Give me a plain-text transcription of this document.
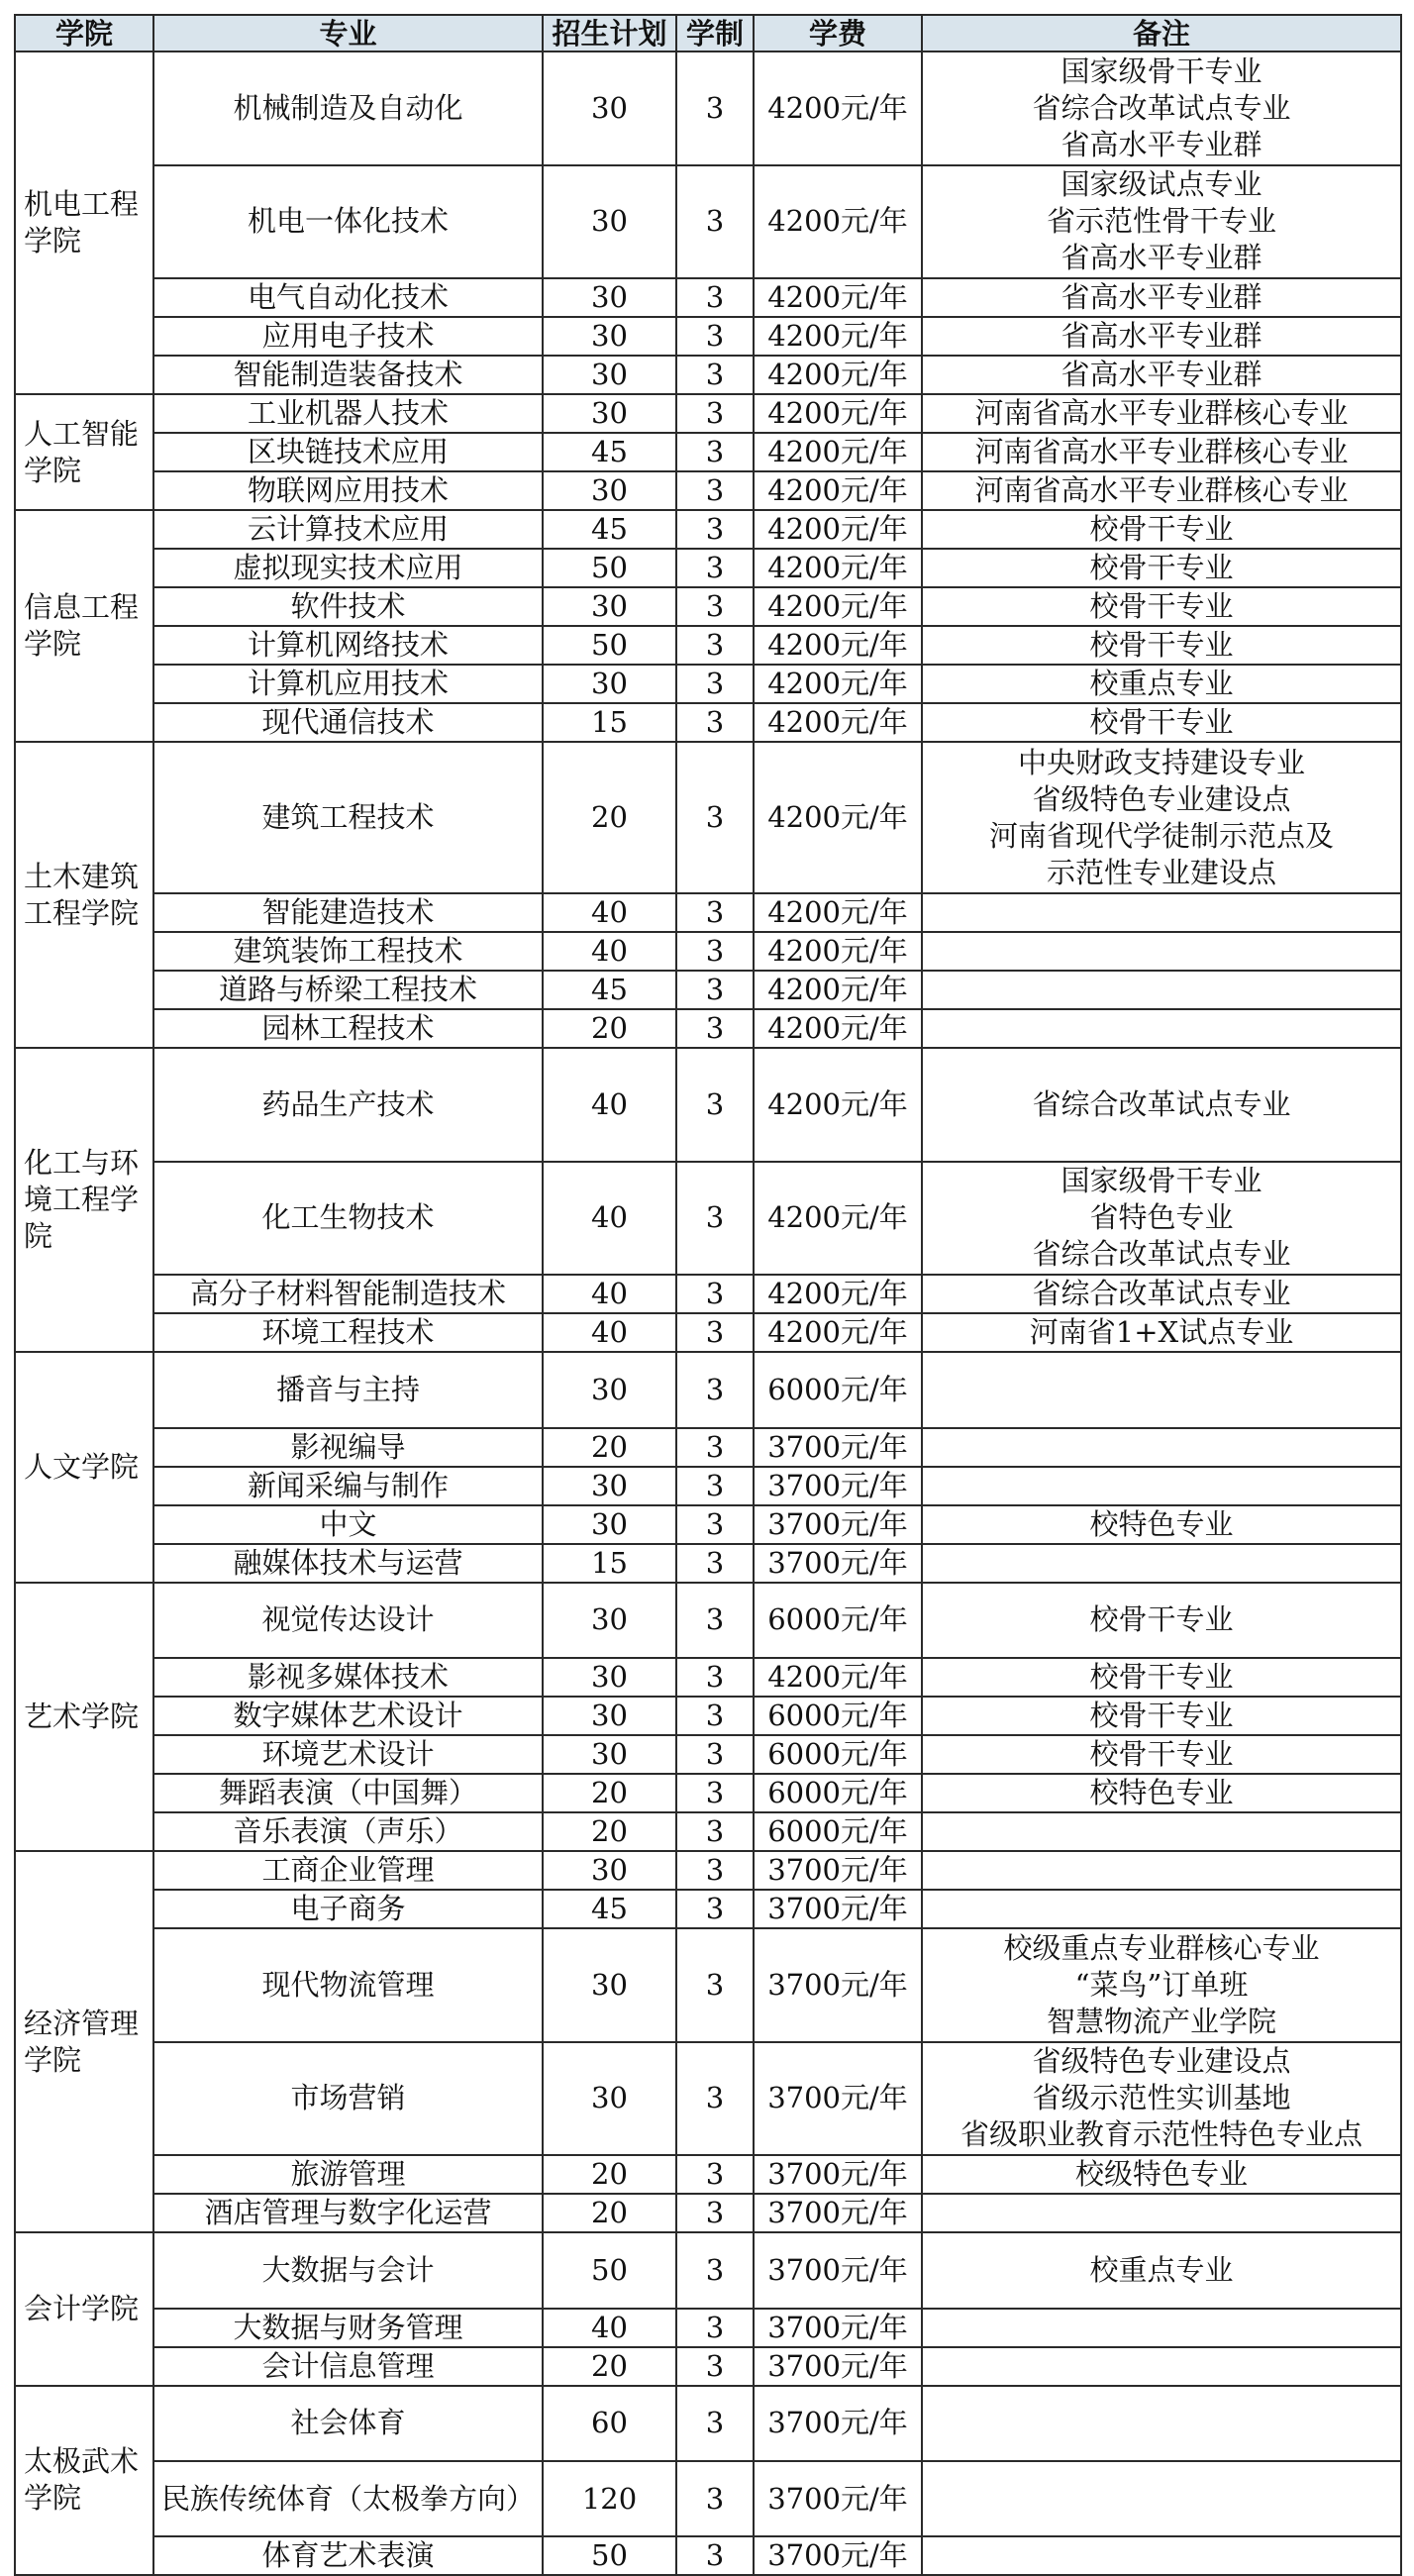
学院	专业	招生计划	学制	学费	备注
机电工程学院	机械制造及自动化	30	3	4200元/年	国家级骨干专业
省综合改革试点专业
省高水平专业群

	机电一体化技术	30	3	4200元/年	国家级试点专业
省示范性骨干专业
省高水平专业群

	电气自动化技术	30	3	4200元/年	省高水平专业群

	应用电子技术	30	3	4200元/年	省高水平专业群

	智能制造装备技术	30	3	4200元/年	省高水平专业群

人工智能学院	工业机器人技术	30	3	4200元/年	河南省高水平专业群核心专业

	区块链技术应用	45	3	4200元/年	河南省高水平专业群核心专业

	物联网应用技术	30	3	4200元/年	河南省高水平专业群核心专业

信息工程学院	云计算技术应用	45	3	4200元/年	校骨干专业

	虚拟现实技术应用	50	3	4200元/年	校骨干专业

	软件技术	30	3	4200元/年	校骨干专业

	计算机网络技术	50	3	4200元/年	校骨干专业

	计算机应用技术	30	3	4200元/年	校重点专业

	现代通信技术	15	3	4200元/年	校骨干专业

土木建筑工程学院	建筑工程技术	20	3	4200元/年	中央财政支持建设专业
省级特色专业建设点
河南省现代学徒制示范点及
示范性专业建设点

	智能建造技术	40	3	4200元/年	
	建筑装饰工程技术	40	3	4200元/年	
	道路与桥梁工程技术	45	3	4200元/年	
	园林工程技术	20	3	4200元/年	
化工与环境工程学院	药品生产技术	40	3	4200元/年	省综合改革试点专业

	化工生物技术	40	3	4200元/年	国家级骨干专业
省特色专业
省综合改革试点专业

	高分子材料智能制造技术	40	3	4200元/年	省综合改革试点专业

	环境工程技术	40	3	4200元/年	河南省1+X试点专业

人文学院	播音与主持	30	3	6000元/年	
	影视编导	20	3	3700元/年	
	新闻采编与制作	30	3	3700元/年	
	中文	30	3	3700元/年	校特色专业

	融媒体技术与运营	15	3	3700元/年	
艺术学院	视觉传达设计	30	3	6000元/年	校骨干专业

	影视多媒体技术	30	3	4200元/年	校骨干专业

	数字媒体艺术设计	30	3	6000元/年	校骨干专业

	环境艺术设计	30	3	6000元/年	校骨干专业

	舞蹈表演（中国舞）	20	3	6000元/年	校特色专业

	音乐表演（声乐）	20	3	6000元/年	
经济管理学院	工商企业管理	30	3	3700元/年	
	电子商务	45	3	3700元/年	
	现代物流管理	30	3	3700元/年	校级重点专业群核心专业
“菜鸟”订单班
智慧物流产业学院

	市场营销	30	3	3700元/年	省级特色专业建设点
省级示范性实训基地
省级职业教育示范性特色专业点

	旅游管理	20	3	3700元/年	校级特色专业

	酒店管理与数字化运营	20	3	3700元/年	
会计学院	大数据与会计	50	3	3700元/年	校重点专业

	大数据与财务管理	40	3	3700元/年	
	会计信息管理	20	3	3700元/年	
太极武术学院	社会体育	60	3	3700元/年	
	民族传统体育（太极拳方向）	120	3	3700元/年	
	体育艺术表演	50	3	3700元/年	
